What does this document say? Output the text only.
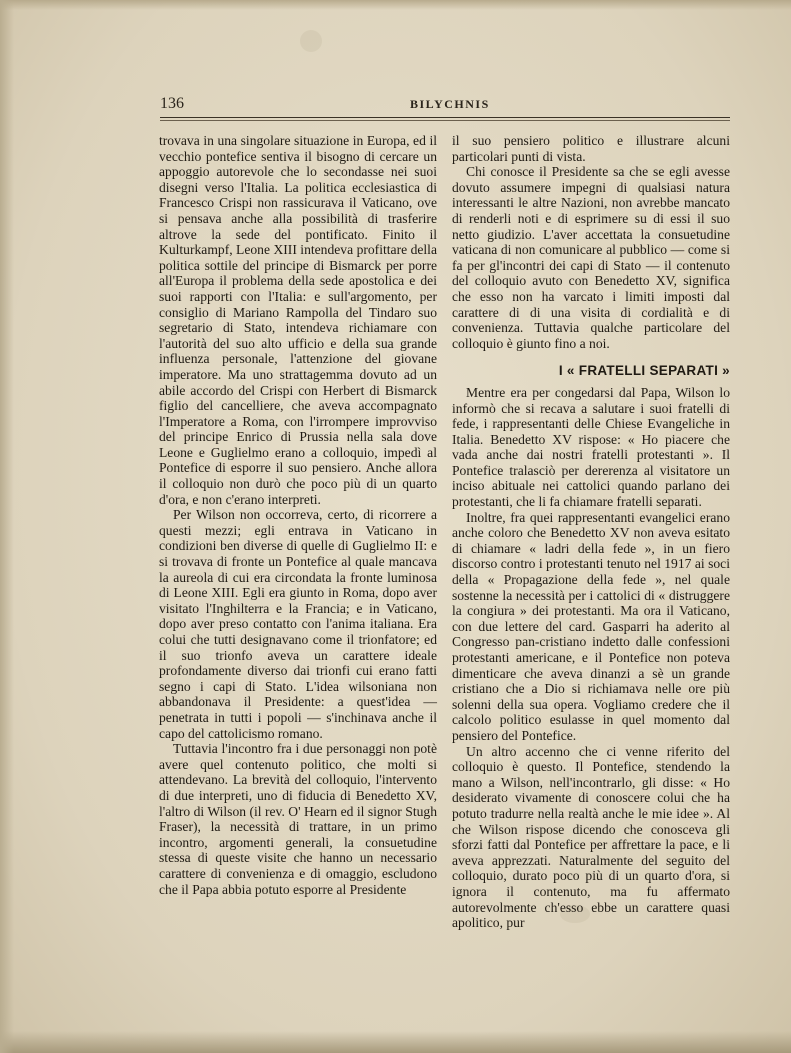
136	BILYCHNIS

trovava in una singolare situazione in Europa, ed il vecchio pontefice sentiva il bisogno di cercare un appoggio autorevole che lo secondasse nei suoi disegni verso l'Italia. La politica ecclesiastica di Francesco Crispi non rassicurava il Vaticano, ove si pensava anche alla possibilità di trasferire altrove la sede del pontificato. Finito il Kulturkampf, Leone XIII intendeva profittare della politica sottile del principe di Bismarck per porre all'Europa il problema della sede apostolica e dei suoi rapporti con l'Italia: e sull'argomento, per consiglio di Mariano Rampolla del Tindaro suo segretario di Stato, intendeva richiamare con l'autorità del suo alto ufficio e della sua grande influenza personale, l'attenzione del giovane imperatore. Ma uno strattagemma dovuto ad un abile accordo del Crispi con Herbert di Bismarck figlio del cancelliere, che aveva accompagnato l'Imperatore a Roma, con l'irrompere improvviso del principe Enrico di Prussia nella sala dove Leone e Guglielmo erano a colloquio, impedì al Pontefice di esporre il suo pensiero. Anche allora il colloquio non durò che poco più di un quarto d'ora, e non c'erano interpreti.

Per Wilson non occorreva, certo, di ricorrere a questi mezzi; egli entrava in Vaticano in condizioni ben diverse di quelle di Guglielmo II: e si trovava di fronte un Pontefice al quale mancava la aureola di cui era circondata la fronte luminosa di Leone XIII. Egli era giunto in Roma, dopo aver visitato l'Inghilterra e la Francia; e in Vaticano, dopo aver preso contatto con l'anima italiana. Era colui che tutti designavano come il trionfatore; ed il suo trionfo aveva un carattere ideale profondamente diverso dai trionfi cui erano fatti segno i capi di Stato. L'idea wilsoniana non abbandonava il Presidente: a quest'idea — penetrata in tutti i popoli — s'inchinava anche il capo del cattolicismo romano.

Tuttavia l'incontro fra i due personaggi non potè avere quel contenuto politico, che molti si attendevano. La brevità del colloquio, l'intervento di due interpreti, uno di fiducia di Benedetto XV, l'altro di Wilson (il rev. O' Hearn ed il signor Stugh Fraser), la necessità di trattare, in un primo incontro, argomenti generali, la consuetudine stessa di queste visite che hanno un necessario carattere di convenienza e di omaggio, escludono che il Papa abbia potuto esporre al Presidente

il suo pensiero politico e illustrare alcuni particolari punti di vista.

Chi conosce il Presidente sa che se egli avesse dovuto assumere impegni di qualsiasi natura interessanti le altre Nazioni, non avrebbe mancato di renderli noti e di esprimere su di essi il suo netto giudizio. L'aver accettata la consuetudine vaticana di non comunicare al pubblico — come si fa per gl'incontri dei capi di Stato — il contenuto del colloquio avuto con Benedetto XV, significa che esso non ha varcato i limiti imposti dal carattere di di una visita di cordialità e di convenienza. Tuttavia qualche particolare del colloquio è giunto fino a noi.

I « FRATELLI SEPARATI »

Mentre era per congedarsi dal Papa, Wilson lo informò che si recava a salutare i suoi fratelli di fede, i rappresentanti delle Chiese Evangeliche in Italia. Benedetto XV rispose: « Ho piacere che vada anche dai nostri fratelli protestanti ». Il Pontefice tralasciò per dererenza al visitatore un inciso abituale nei cattolici quando parlano dei protestanti, che li fa chiamare fratelli separati.

Inoltre, fra quei rappresentanti evangelici erano anche coloro che Benedetto XV non aveva esitato di chiamare « ladri della fede », in un fiero discorso contro i protestanti tenuto nel 1917 ai soci della « Propagazione della fede », nel quale sostenne la necessità per i cattolici di « distruggere la congiura » dei protestanti. Ma ora il Vaticano, con due lettere del card. Gasparri ha aderito al Congresso pan-cristiano indetto dalle confessioni protestanti americane, e il Pontefice non poteva dimenticare che aveva dinanzi a sè un grande cristiano che a Dio si richiamava nelle ore più solenni della sua opera. Vogliamo credere che il calcolo politico esulasse in quel momento dal pensiero del Pontefice.

Un altro accenno che ci venne riferito del colloquio è questo. Il Pontefice, stendendo la mano a Wilson, nell'incontrarlo, gli disse: « Ho desiderato vivamente di conoscere colui che ha potuto tradurre nella realtà anche le mie idee ». Al che Wilson rispose dicendo che conosceva gli sforzi fatti dal Pontefice per affrettare la pace, e li aveva apprezzati. Naturalmente del seguito del colloquio, durato poco più di un quarto d'ora, si ignora il contenuto, ma fu affermato autorevolmente ch'esso ebbe un carattere quasi apolitico, pur
